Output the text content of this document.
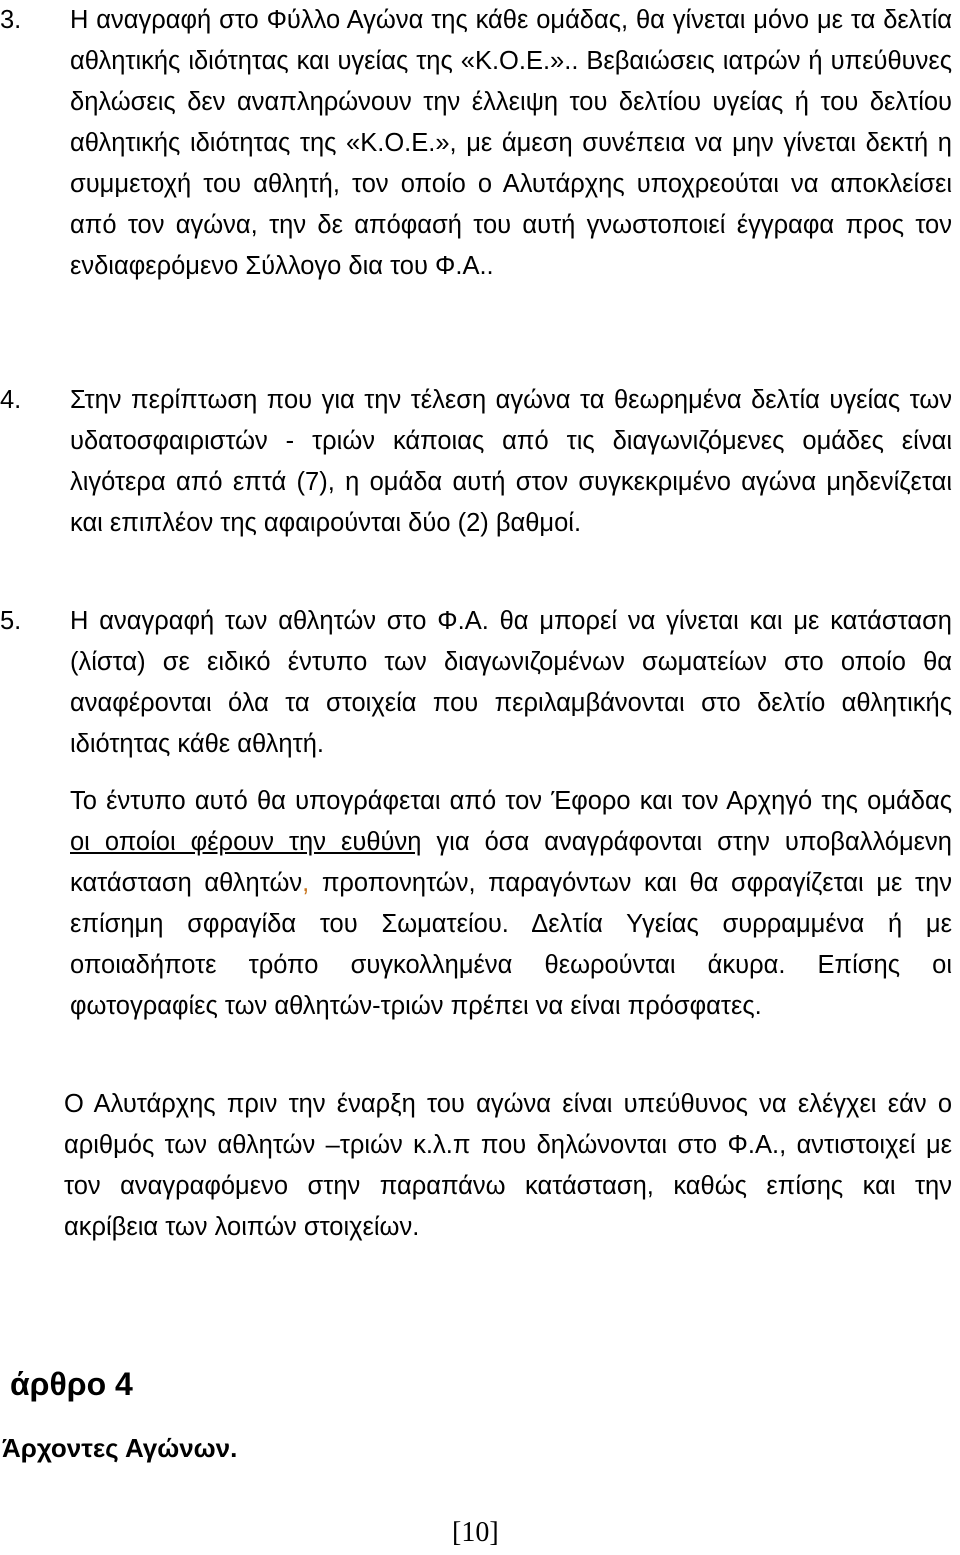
3.	Η αναγραφή στο Φύλλο Αγώνα της κάθε ομάδας, θα γίνεται μόνο με τα δελτία αθλητικής ιδιότητας και υγείας της «Κ.Ο.Ε.».. Βεβαιώσεις ιατρών ή υπεύθυνες δηλώσεις δεν αναπληρώνουν την έλλειψη του δελτίου υγείας ή του δελτίου αθλητικής ιδιότητας της «Κ.Ο.Ε.», με άμεση συνέπεια να μην γίνεται δεκτή η συμμετοχή του αθλητή, τον οποίο ο Αλυτάρχης υποχρεούται να αποκλείσει από τον αγώνα, την δε απόφασή του αυτή γνωστοποιεί έγγραφα προς τον ενδιαφερόμενο Σύλλογο δια του Φ.Α..
4.	Στην περίπτωση που για την τέλεση αγώνα τα θεωρημένα δελτία υγείας των υδατοσφαιριστών - τριών κάποιας από τις διαγωνιζόμενες ομάδες είναι λιγότερα από επτά (7), η ομάδα αυτή στον συγκεκριμένο αγώνα μηδενίζεται και επιπλέον της αφαιρούνται δύο (2) βαθμοί.
5.	Η αναγραφή των αθλητών στο Φ.Α. θα μπορεί να γίνεται και με κατάσταση (λίστα) σε ειδικό έντυπο των διαγωνιζομένων σωματείων στο οποίο θα αναφέρονται όλα τα στοιχεία που περιλαμβάνονται στο δελτίο αθλητικής ιδιότητας κάθε αθλητή.
Το έντυπο αυτό θα υπογράφεται από τον Έφορο και τον Αρχηγό της ομάδας οι οποίοι φέρουν την ευθύνη για όσα αναγράφονται στην υποβαλλόμενη κατάσταση αθλητών, προπονητών, παραγόντων και θα σφραγίζεται με την επίσημη σφραγίδα του Σωματείου. Δελτία Υγείας συρραμμένα ή με οποιαδήποτε τρόπο συγκολλημένα θεωρούνται άκυρα. Επίσης οι φωτογραφίες των αθλητών-τριών πρέπει να είναι πρόσφατες.
Ο Αλυτάρχης πριν την έναρξη του αγώνα είναι υπεύθυνος να ελέγχει εάν ο αριθμός των αθλητών –τριών κ.λ.π που δηλώνονται στο Φ.Α., αντιστοιχεί με τον αναγραφόμενο στην παραπάνω κατάσταση, καθώς επίσης και την ακρίβεια των λοιπών στοιχείων.
άρθρο 4
Άρχοντες Αγώνων.
[10]
